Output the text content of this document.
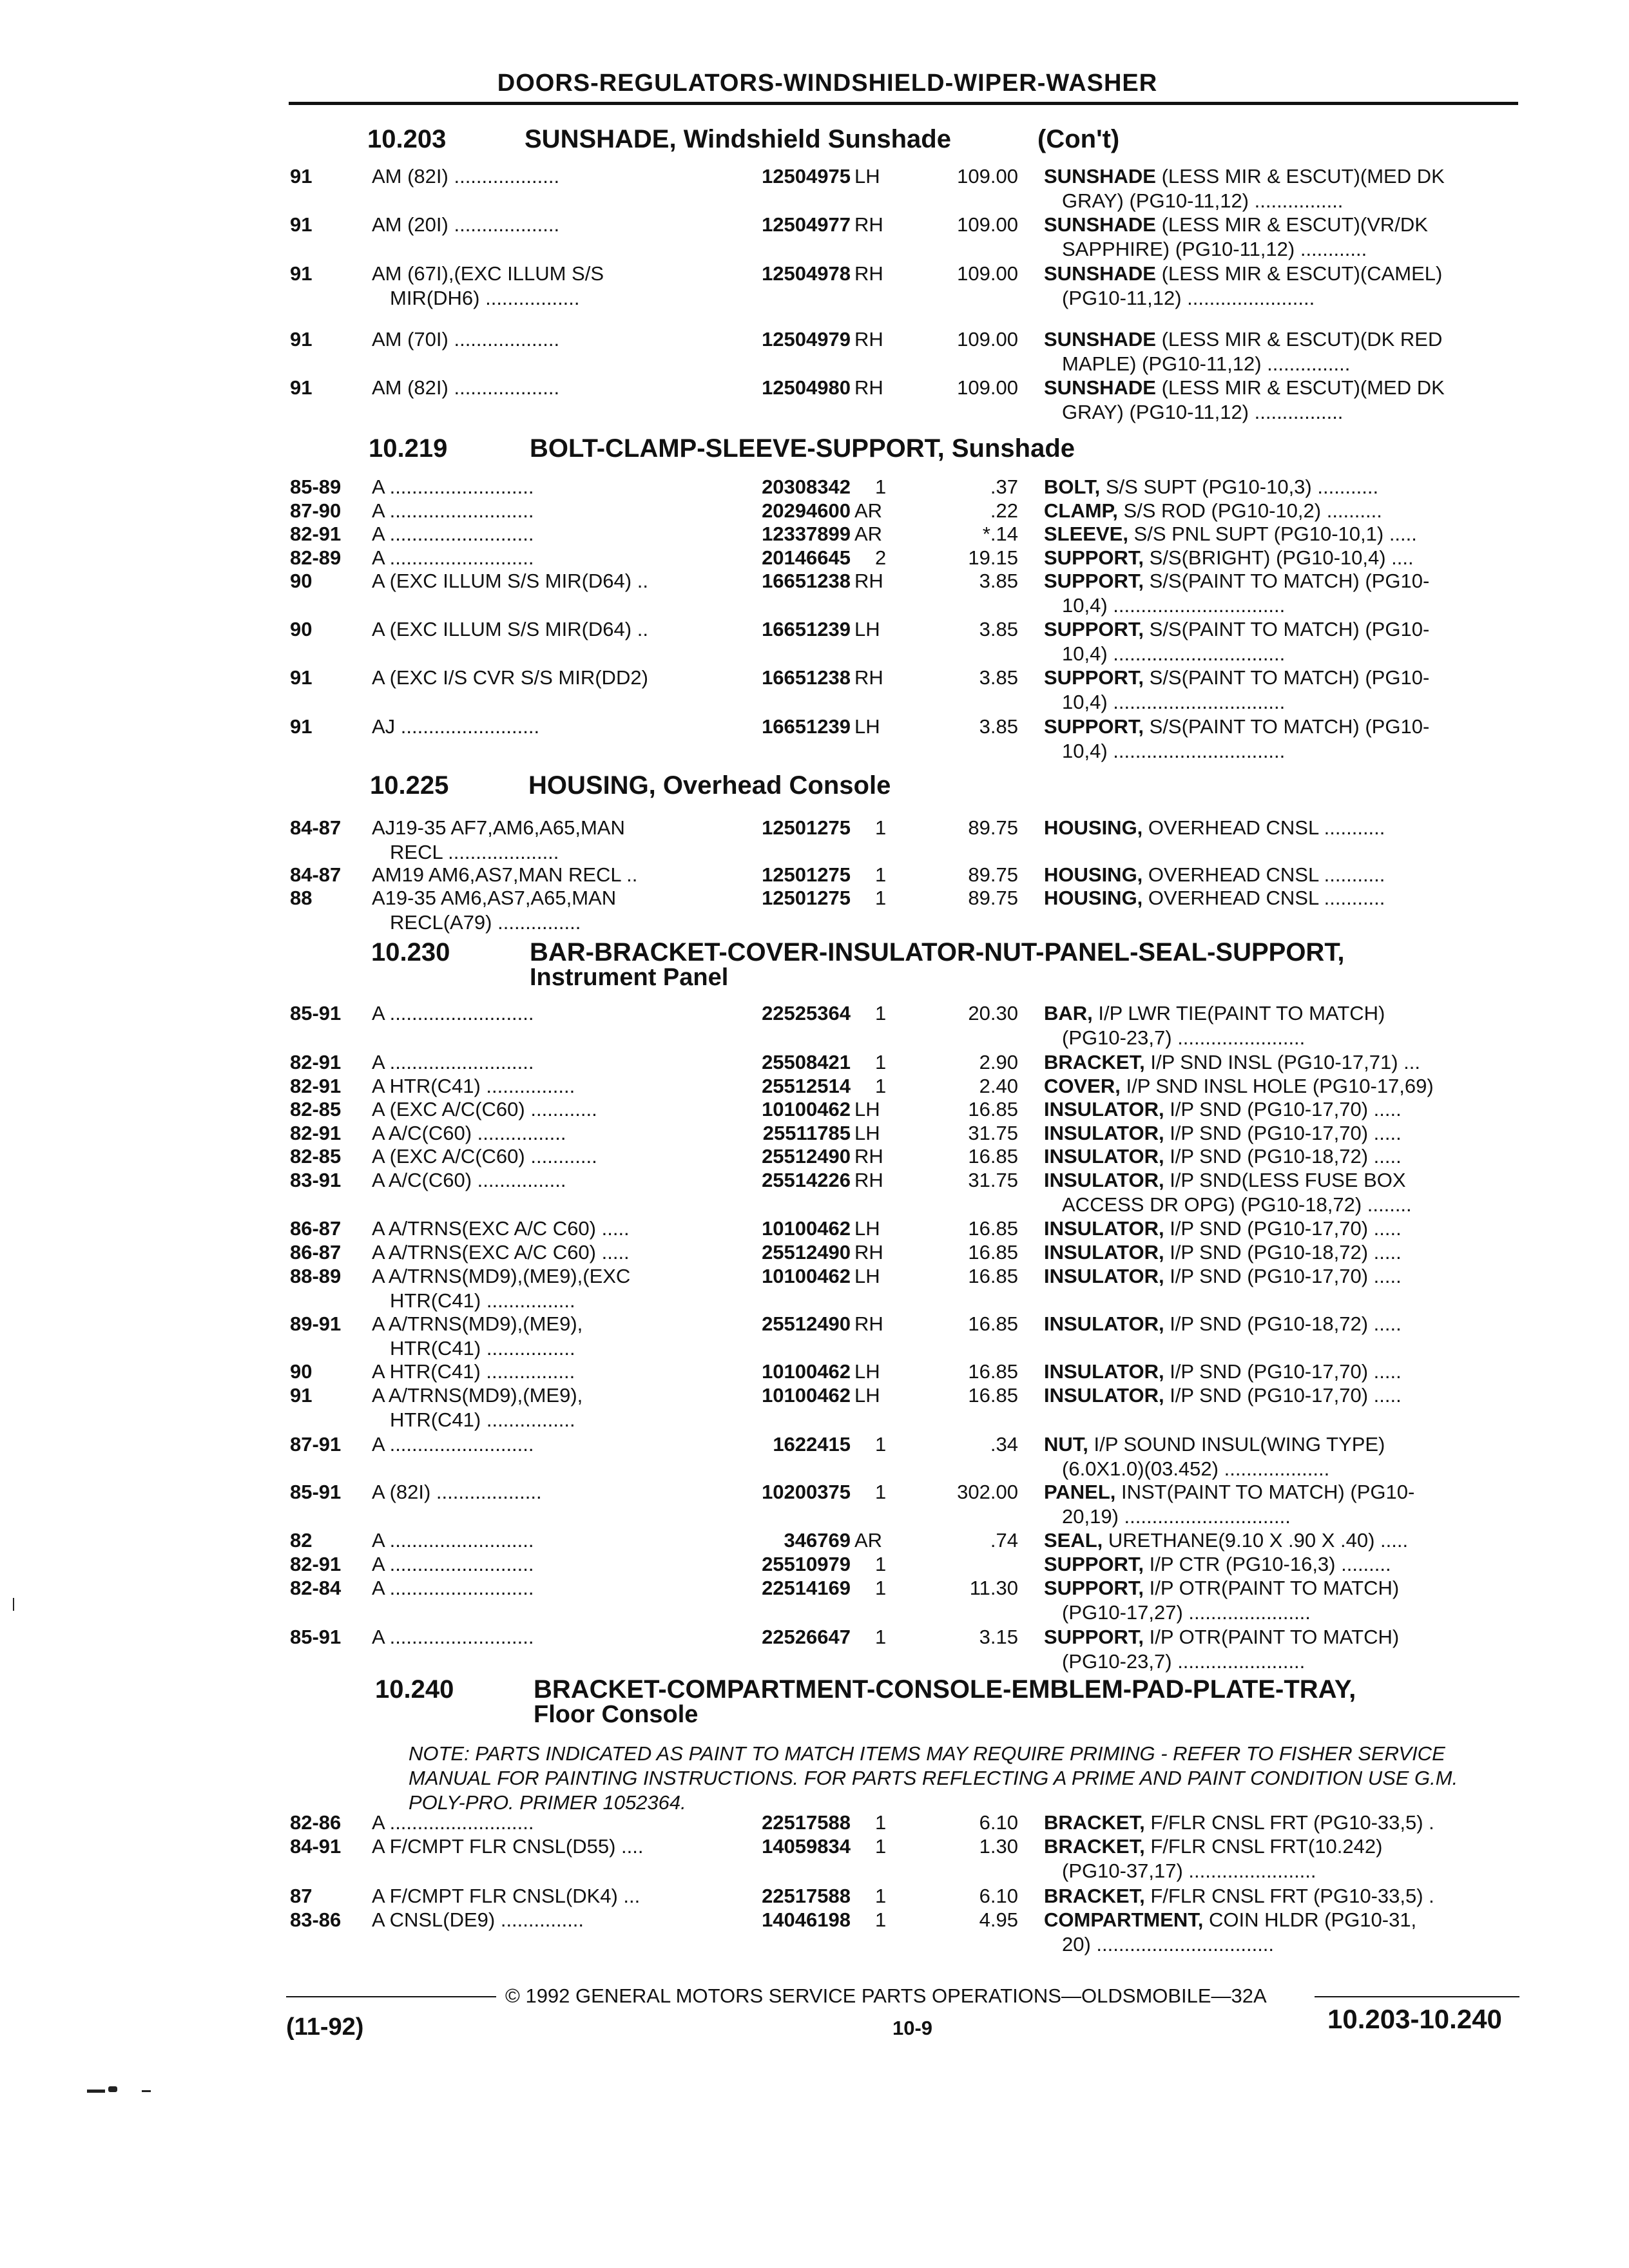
DOORS-REGULATORS-WINDSHIELD-WIPER-WASHER
10.203	SUNSHADE, Windshield Sunshade	(Con't)
10.219	BOLT-CLAMP-SLEEVE-SUPPORT, Sunshade
10.225	HOUSING, Overhead Console
10.230	BAR-BRACKET-COVER-INSULATOR-NUT-PANEL-SEAL-SUPPORT,
Instrument Panel
10.240	BRACKET-COMPARTMENT-CONSOLE-EMBLEM-PAD-PLATE-TRAY,
Floor Console
91	AM (82I) ...................	12504975 LH	109.00 SUNSHADE (LESS MIR & ESCUT)(MED DK
GRAY) (PG10-11,12) ................
91	AM (20I) ...................	12504977 RH	109.00 SUNSHADE (LESS MIR & ESCUT)(VR/DK
SAPPHIRE) (PG10-11,12) ............
91	AM (67I),(EXC ILLUM S/S
MIR(DH6) .................
12504978 RH	109.00 SUNSHADE (LESS MIR & ESCUT)(CAMEL)
(PG10-11,12) .......................
91	AM (70I) ...................	12504979 RH	109.00 SUNSHADE (LESS MIR & ESCUT)(DK RED
MAPLE) (PG10-11,12) ...............
91	AM (82I) ...................	12504980 RH	109.00 SUNSHADE (LESS MIR & ESCUT)(MED DK
GRAY) (PG10-11,12) ................
85-89	A ..........................	20308342 1	.37 BOLT, S/S SUPT (PG10-10,3) ...........
87-90	A ..........................	20294600 AR	.22 CLAMP, S/S ROD (PG10-10,2) ..........
82-91	A ..........................	12337899 AR	*.14 SLEEVE, S/S PNL SUPT (PG10-10,1) .....
82-89	A ..........................	20146645 2	19.15 SUPPORT, S/S(BRIGHT) (PG10-10,4) ....
90	A (EXC ILLUM S/S MIR(D64) ..	16651238 RH	3.85 SUPPORT, S/S(PAINT TO MATCH) (PG10-
10,4) ...............................
90	A (EXC ILLUM S/S MIR(D64) ..	16651239 LH	3.85 SUPPORT, S/S(PAINT TO MATCH) (PG10-
10,4) ...............................
91	A (EXC I/S CVR S/S MIR(DD2)	16651238 RH	3.85 SUPPORT, S/S(PAINT TO MATCH) (PG10-
10,4) ...............................
91	AJ .........................	16651239 LH	3.85 SUPPORT, S/S(PAINT TO MATCH) (PG10-
10,4) ...............................
84-87	AJ19-35 AF7,AM6,A65,MAN
RECL ....................
12501275 1	89.75 HOUSING, OVERHEAD CNSL ...........
84-87	AM19 AM6,AS7,MAN RECL ..	12501275 1	89.75 HOUSING, OVERHEAD CNSL ...........
88	A19-35 AM6,AS7,A65,MAN
RECL(A79) ...............
12501275 1	89.75 HOUSING, OVERHEAD CNSL ...........
85-91	A ..........................	22525364 1	20.30 BAR, I/P LWR TIE(PAINT TO MATCH)
(PG10-23,7) .......................
82-91	A ..........................	25508421 1	2.90 BRACKET, I/P SND INSL (PG10-17,71) ...
82-91	A HTR(C41) ................	25512514 1	2.40 COVER, I/P SND INSL HOLE (PG10-17,69)
82-85	A (EXC A/C(C60) ............	10100462 LH	16.85 INSULATOR, I/P SND (PG10-17,70) .....
82-91	A A/C(C60) ................	25511785 LH	31.75 INSULATOR, I/P SND (PG10-17,70) .....
82-85	A (EXC A/C(C60) ............	25512490 RH	16.85 INSULATOR, I/P SND (PG10-18,72) .....
83-91	A A/C(C60) ................	25514226 RH	31.75 INSULATOR, I/P SND(LESS FUSE BOX
ACCESS DR OPG) (PG10-18,72) ........
86-87	A A/TRNS(EXC A/C C60) .....	10100462 LH	16.85 INSULATOR, I/P SND (PG10-17,70) .....
86-87	A A/TRNS(EXC A/C C60) .....	25512490 RH	16.85 INSULATOR, I/P SND (PG10-18,72) .....
88-89	A A/TRNS(MD9),(ME9),(EXC
HTR(C41) ................
10100462 LH	16.85 INSULATOR, I/P SND (PG10-17,70) .....
89-91	A A/TRNS(MD9),(ME9),
HTR(C41) ................
25512490 RH	16.85 INSULATOR, I/P SND (PG10-18,72) .....
90	A HTR(C41) ................	10100462 LH	16.85 INSULATOR, I/P SND (PG10-17,70) .....
91	A A/TRNS(MD9),(ME9),
HTR(C41) ................
10100462 LH	16.85 INSULATOR, I/P SND (PG10-17,70) .....
87-91	A ..........................	1622415 1	.34 NUT, I/P SOUND INSUL(WING TYPE)
(6.0X1.0)(03.452) ...................
85-91	A (82I) ...................	10200375 1	302.00 PANEL, INST(PAINT TO MATCH) (PG10-
20,19) ..............................
82	A ..........................	346769 AR	.74 SEAL, URETHANE(9.10 X .90 X .40) .....
82-91	A ..........................	25510979 1	SUPPORT, I/P CTR (PG10-16,3) .........
82-84	A ..........................	22514169 1	11.30 SUPPORT, I/P OTR(PAINT TO MATCH)
(PG10-17,27) ......................
85-91	A ..........................	22526647 1	3.15 SUPPORT, I/P OTR(PAINT TO MATCH)
(PG10-23,7) .......................
82-86	A ..........................	22517588 1	6.10 BRACKET, F/FLR CNSL FRT (PG10-33,5) .
84-91	A F/CMPT FLR CNSL(D55) ....	14059834 1	1.30 BRACKET, F/FLR CNSL FRT(10.242)
(PG10-37,17) .......................
87	A F/CMPT FLR CNSL(DK4) ...	22517588 1	6.10 BRACKET, F/FLR CNSL FRT (PG10-33,5) .
83-86	A CNSL(DE9) ...............	14046198 1	4.95 COMPARTMENT, COIN HLDR (PG10-31,
20) ................................
NOTE: PARTS INDICATED AS PAINT TO MATCH ITEMS MAY REQUIRE PRIMING - REFER TO FISHER SERVICE MANUAL FOR PAINTING INSTRUCTIONS. FOR PARTS REFLECTING A PRIME AND PAINT CONDITION USE G.M. POLY-PRO. PRIMER 1052364.
© 1992 GENERAL MOTORS SERVICE PARTS OPERATIONS—OLDSMOBILE—32A
(11-92)	10-9	10.203-10.240
